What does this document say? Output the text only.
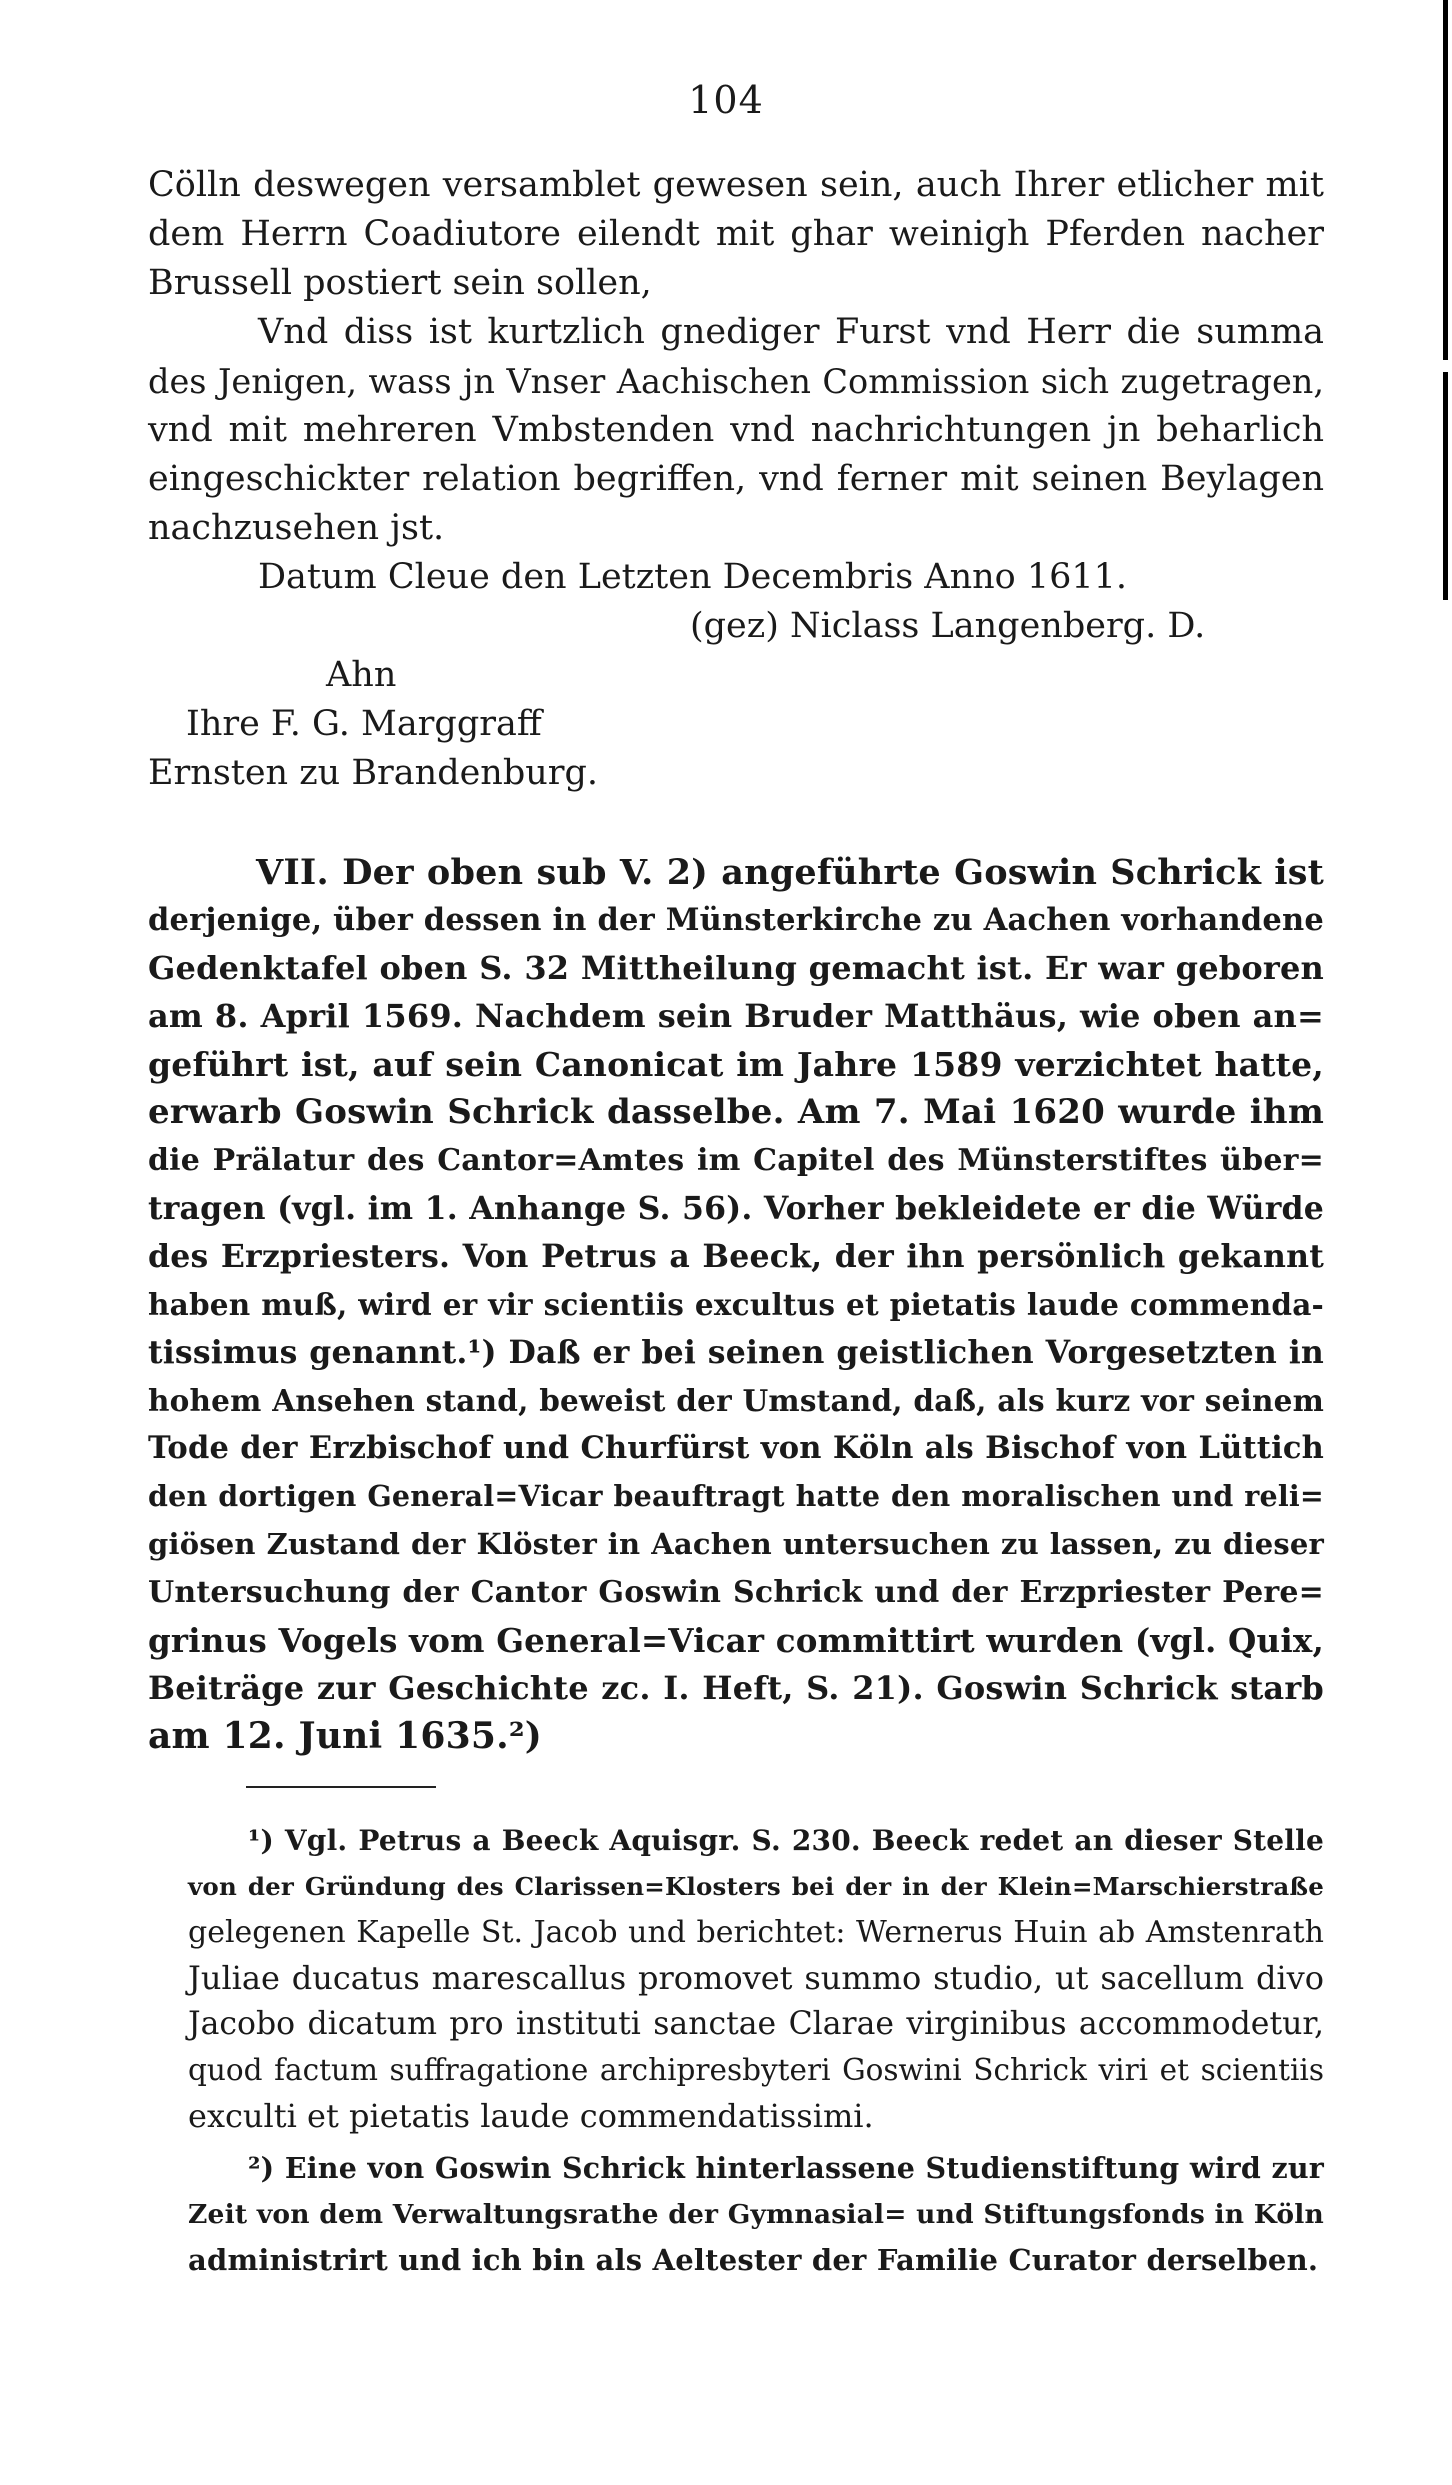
104
Cölln deswegen versamblet gewesen sein, auch Ihrer etlicher mit
dem Herrn Coadiutore eilendt mit ghar weinigh Pferden nacher
Brussell postiert sein sollen,
Vnd diss ist kurtzlich gnediger Furst vnd Herr die summa
des Jenigen, wass jn Vnser Aachischen Commission sich zugetragen,
vnd mit mehreren Vmbstenden vnd nachrichtungen jn beharlich
eingeschickter relation begriffen, vnd ferner mit seinen Beylagen
nachzusehen jst.
Datum Cleue den Letzten Decembris Anno 1611.
(gez) Niclass Langenberg. D.
Ahn
Ihre F. G. Marggraff
Ernsten zu Brandenburg.
VII. Der oben sub V. 2) angeführte Goswin Schrick ist
derjenige, über dessen in der Münsterkirche zu Aachen vorhandene
Gedenktafel oben S. 32 Mittheilung gemacht ist. Er war geboren
am 8. April 1569. Nachdem sein Bruder Matthäus, wie oben an=
geführt ist, auf sein Canonicat im Jahre 1589 verzichtet hatte,
erwarb Goswin Schrick dasselbe. Am 7. Mai 1620 wurde ihm
die Prälatur des Cantor=Amtes im Capitel des Münsterstiftes über=
tragen (vgl. im 1. Anhange S. 56). Vorher bekleidete er die Würde
des Erzpriesters. Von Petrus a Beeck, der ihn persönlich gekannt
haben muß, wird er vir scientiis excultus et pietatis laude commenda-
tissimus genannt.¹) Daß er bei seinen geistlichen Vorgesetzten in
hohem Ansehen stand, beweist der Umstand, daß, als kurz vor seinem
Tode der Erzbischof und Churfürst von Köln als Bischof von Lüttich
den dortigen General=Vicar beauftragt hatte den moralischen und reli=
giösen Zustand der Klöster in Aachen untersuchen zu lassen, zu dieser
Untersuchung der Cantor Goswin Schrick und der Erzpriester Pere=
grinus Vogels vom General=Vicar committirt wurden (vgl. Quix,
Beiträge zur Geschichte zc. I. Heft, S. 21). Goswin Schrick starb
am 12. Juni 1635.²)
¹) Vgl. Petrus a Beeck Aquisgr. S. 230. Beeck redet an dieser Stelle
von der Gründung des Clarissen=Klosters bei der in der Klein=Marschierstraße
gelegenen Kapelle St. Jacob und berichtet: Wernerus Huin ab Amstenrath
Juliae ducatus marescallus promovet summo studio, ut sacellum divo
Jacobo dicatum pro instituti sanctae Clarae virginibus accommodetur,
quod factum suffragatione archipresbyteri Goswini Schrick viri et scientiis
exculti et pietatis laude commendatissimi.
²) Eine von Goswin Schrick hinterlassene Studienstiftung wird zur
Zeit von dem Verwaltungsrathe der Gymnasial= und Stiftungsfonds in Köln
administrirt und ich bin als Aeltester der Familie Curator derselben.
